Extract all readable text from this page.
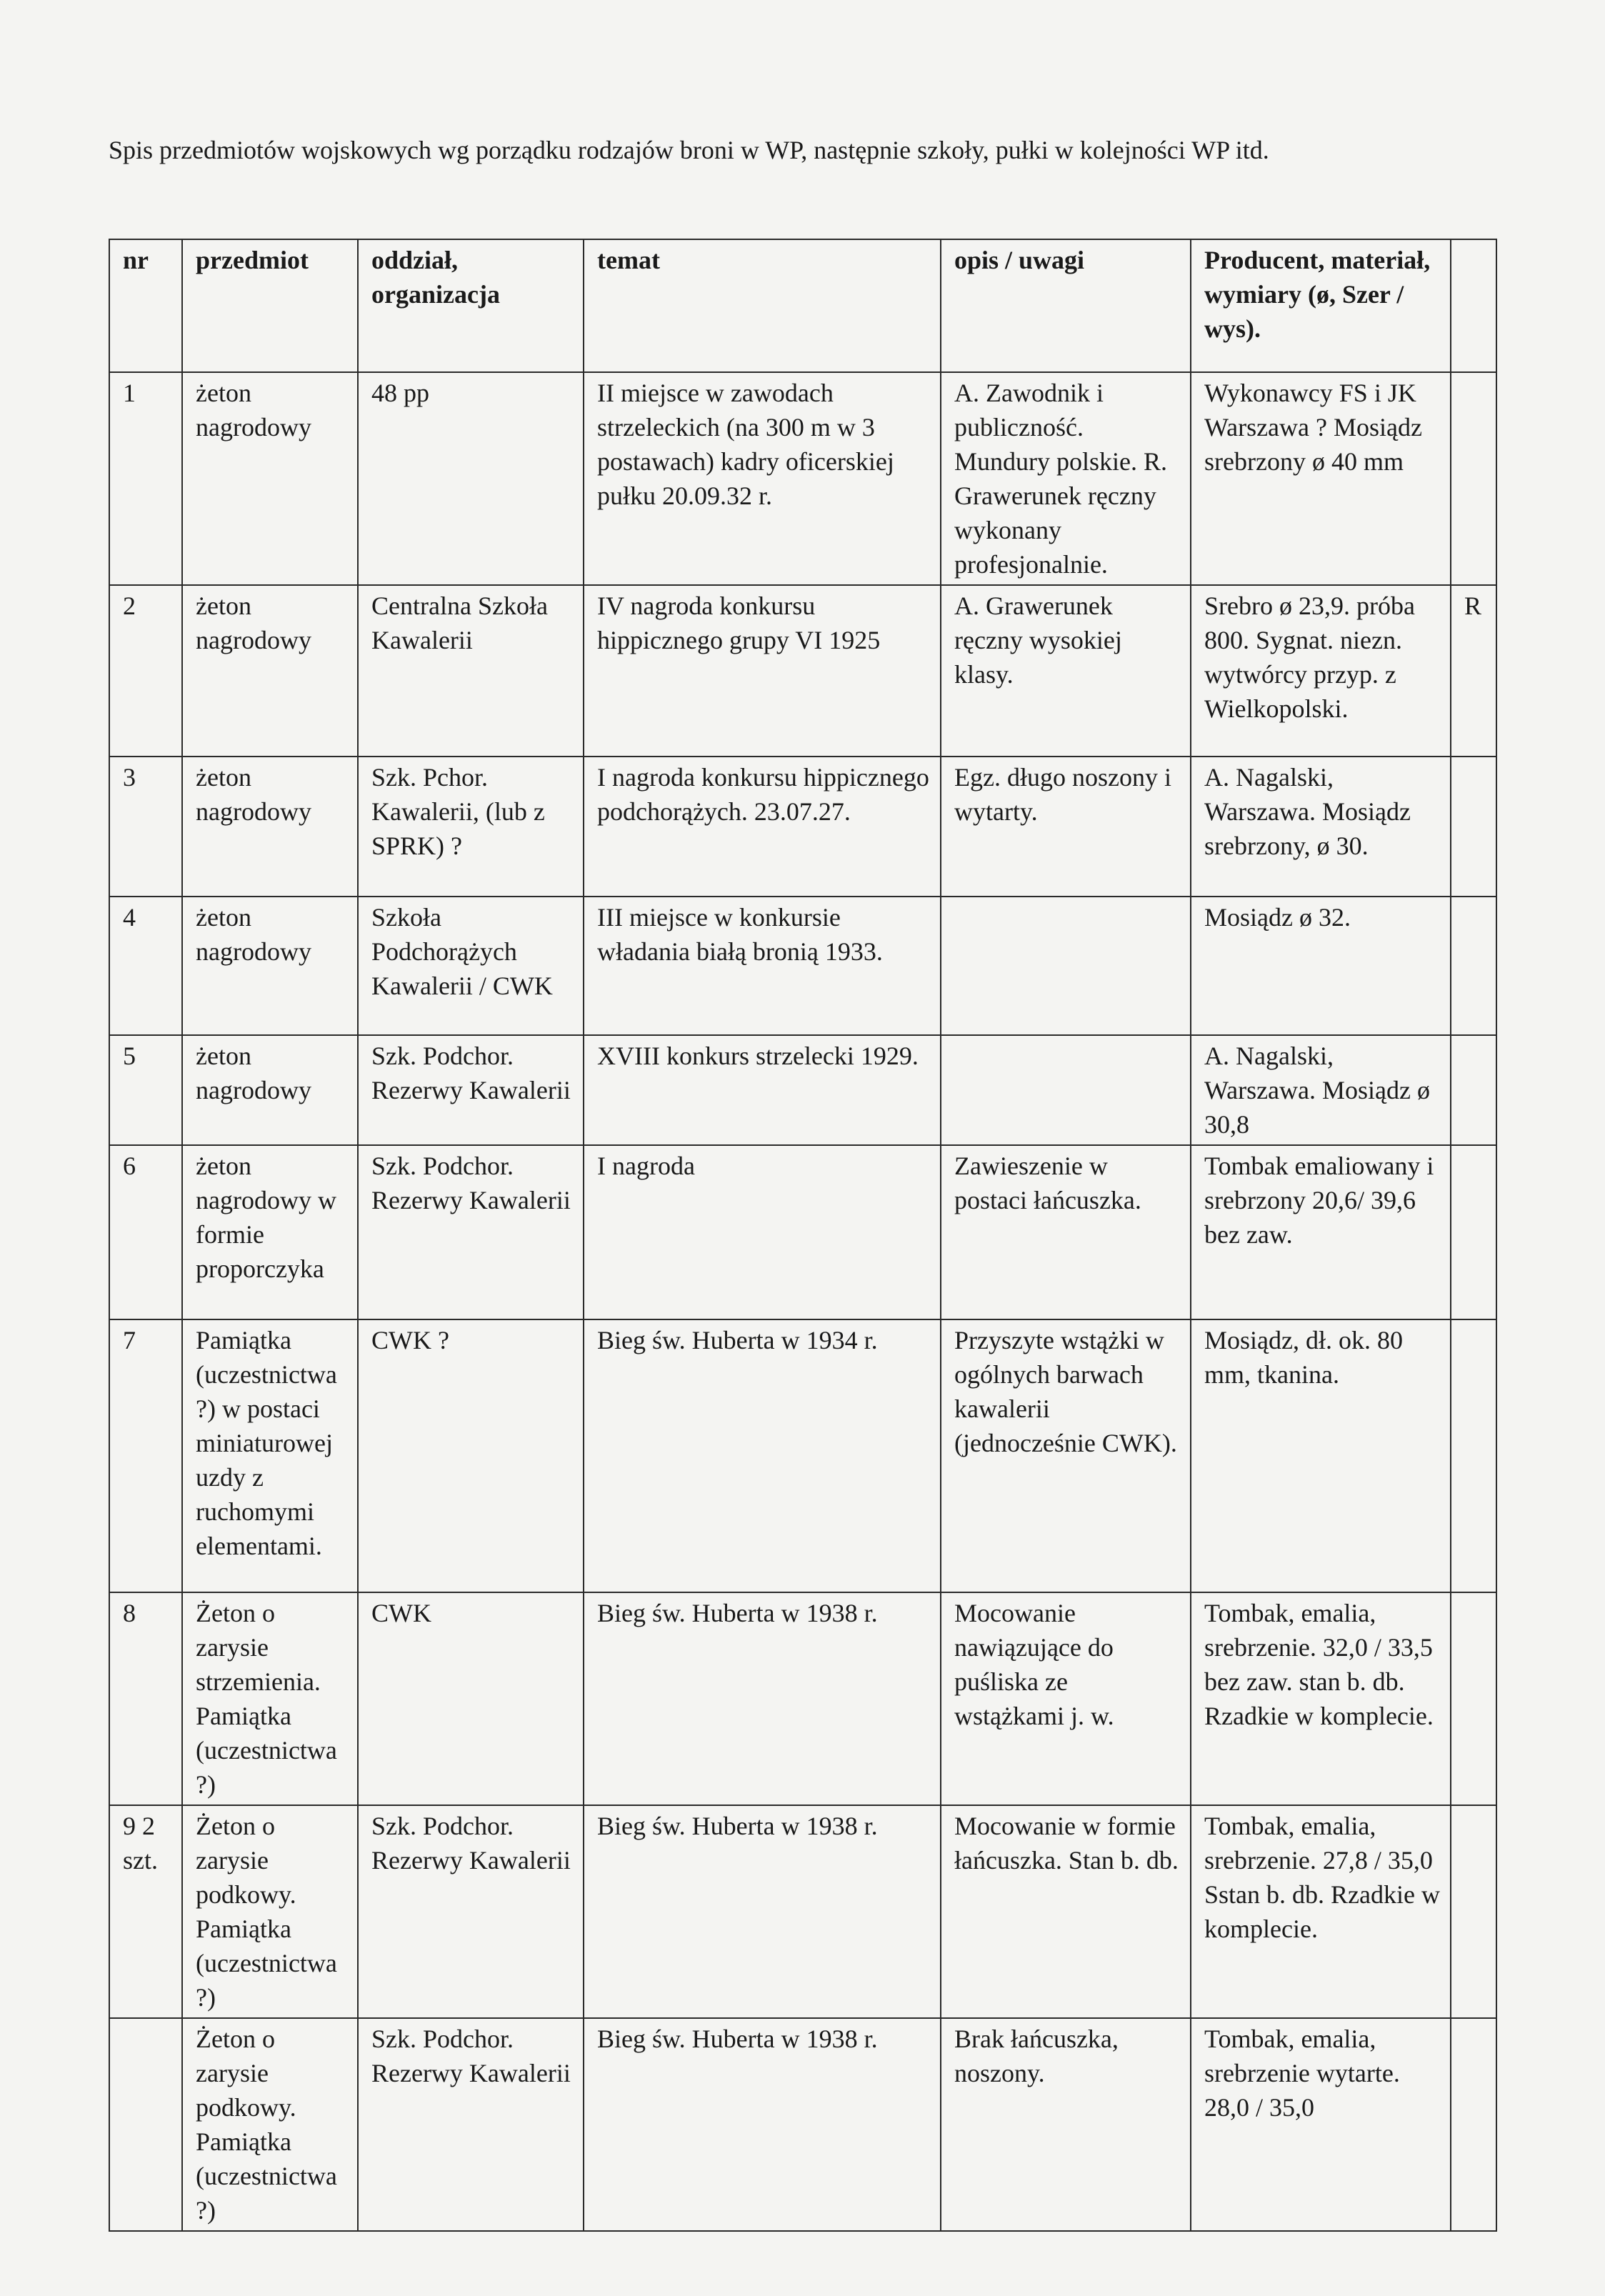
Spis przedmiotów wojskowych wg porządku rodzajów broni w WP, następnie szkoły, pułki w kolejności WP itd.
nr	przedmiot	oddział, organizacja	temat	opis / uwagi	Producent, materiał, wymiary (ø, Szer / wys).	
1	żeton nagrodowy	48 pp	II miejsce w zawodach strzeleckich (na 300 m w 3 postawach) kadry oficerskiej pułku 20.09.32 r.	A. Zawodnik i publiczność. Mundury polskie. R. Grawerunek ręczny wykonany profesjonalnie.	Wykonawcy FS i JK Warszawa ? Mosiądz srebrzony ø 40 mm	
2	żeton nagrodowy	Centralna Szkoła Kawalerii	IV nagroda konkursu hippicznego grupy VI 1925	A. Grawerunek ręczny wysokiej klasy.	Srebro ø 23,9. próba 800. Sygnat. niezn. wytwórcy przyp. z Wielkopolski.	R
3	żeton nagrodowy	Szk. Pchor. Kawalerii, (lub z SPRK) ?	I nagroda konkursu hippicznego podchorążych. 23.07.27.	Egz. długo noszony i wytarty.	A. Nagalski, Warszawa. Mosiądz srebrzony, ø 30.	
4	żeton nagrodowy	Szkoła Podchorążych Kawalerii / CWK	III miejsce w konkursie władania białą bronią 1933.		Mosiądz ø 32.	
5	żeton nagrodowy	Szk. Podchor. Rezerwy Kawalerii	XVIII konkurs strzelecki 1929.		A. Nagalski, Warszawa. Mosiądz ø 30,8	
6	żeton nagrodowy w formie proporczyka	Szk. Podchor. Rezerwy Kawalerii	I nagroda	Zawieszenie w postaci łańcuszka.	Tombak emaliowany i srebrzony 20,6/ 39,6 bez zaw.	
7	Pamiątka (uczestnictwa ?) w postaci miniaturowej uzdy z ruchomymi elementami.	CWK ?	Bieg św. Huberta w 1934 r.	Przyszyte wstążki w ogólnych barwach kawalerii (jednocześnie CWK).	Mosiądz, dł. ok. 80 mm, tkanina.	
8	Żeton o zarysie strzemienia. Pamiątka (uczestnictwa ?)	CWK	Bieg św. Huberta w 1938 r.	Mocowanie nawiązujące do puśliska ze wstążkami j. w.	Tombak, emalia, srebrzenie. 32,0 / 33,5 bez zaw. stan b. db. Rzadkie w komplecie.	
9 2 szt.	Żeton o zarysie podkowy. Pamiątka (uczestnictwa ?)	Szk. Podchor. Rezerwy Kawalerii	Bieg św. Huberta w 1938 r.	Mocowanie w formie łańcuszka. Stan b. db.	Tombak, emalia, srebrzenie. 27,8 / 35,0 Sstan b. db. Rzadkie w komplecie.	
	Żeton o zarysie podkowy. Pamiątka (uczestnictwa ?)	Szk. Podchor. Rezerwy Kawalerii	Bieg św. Huberta w 1938 r.	Brak łańcuszka, noszony.	Tombak, emalia, srebrzenie wytarte. 28,0 / 35,0	
